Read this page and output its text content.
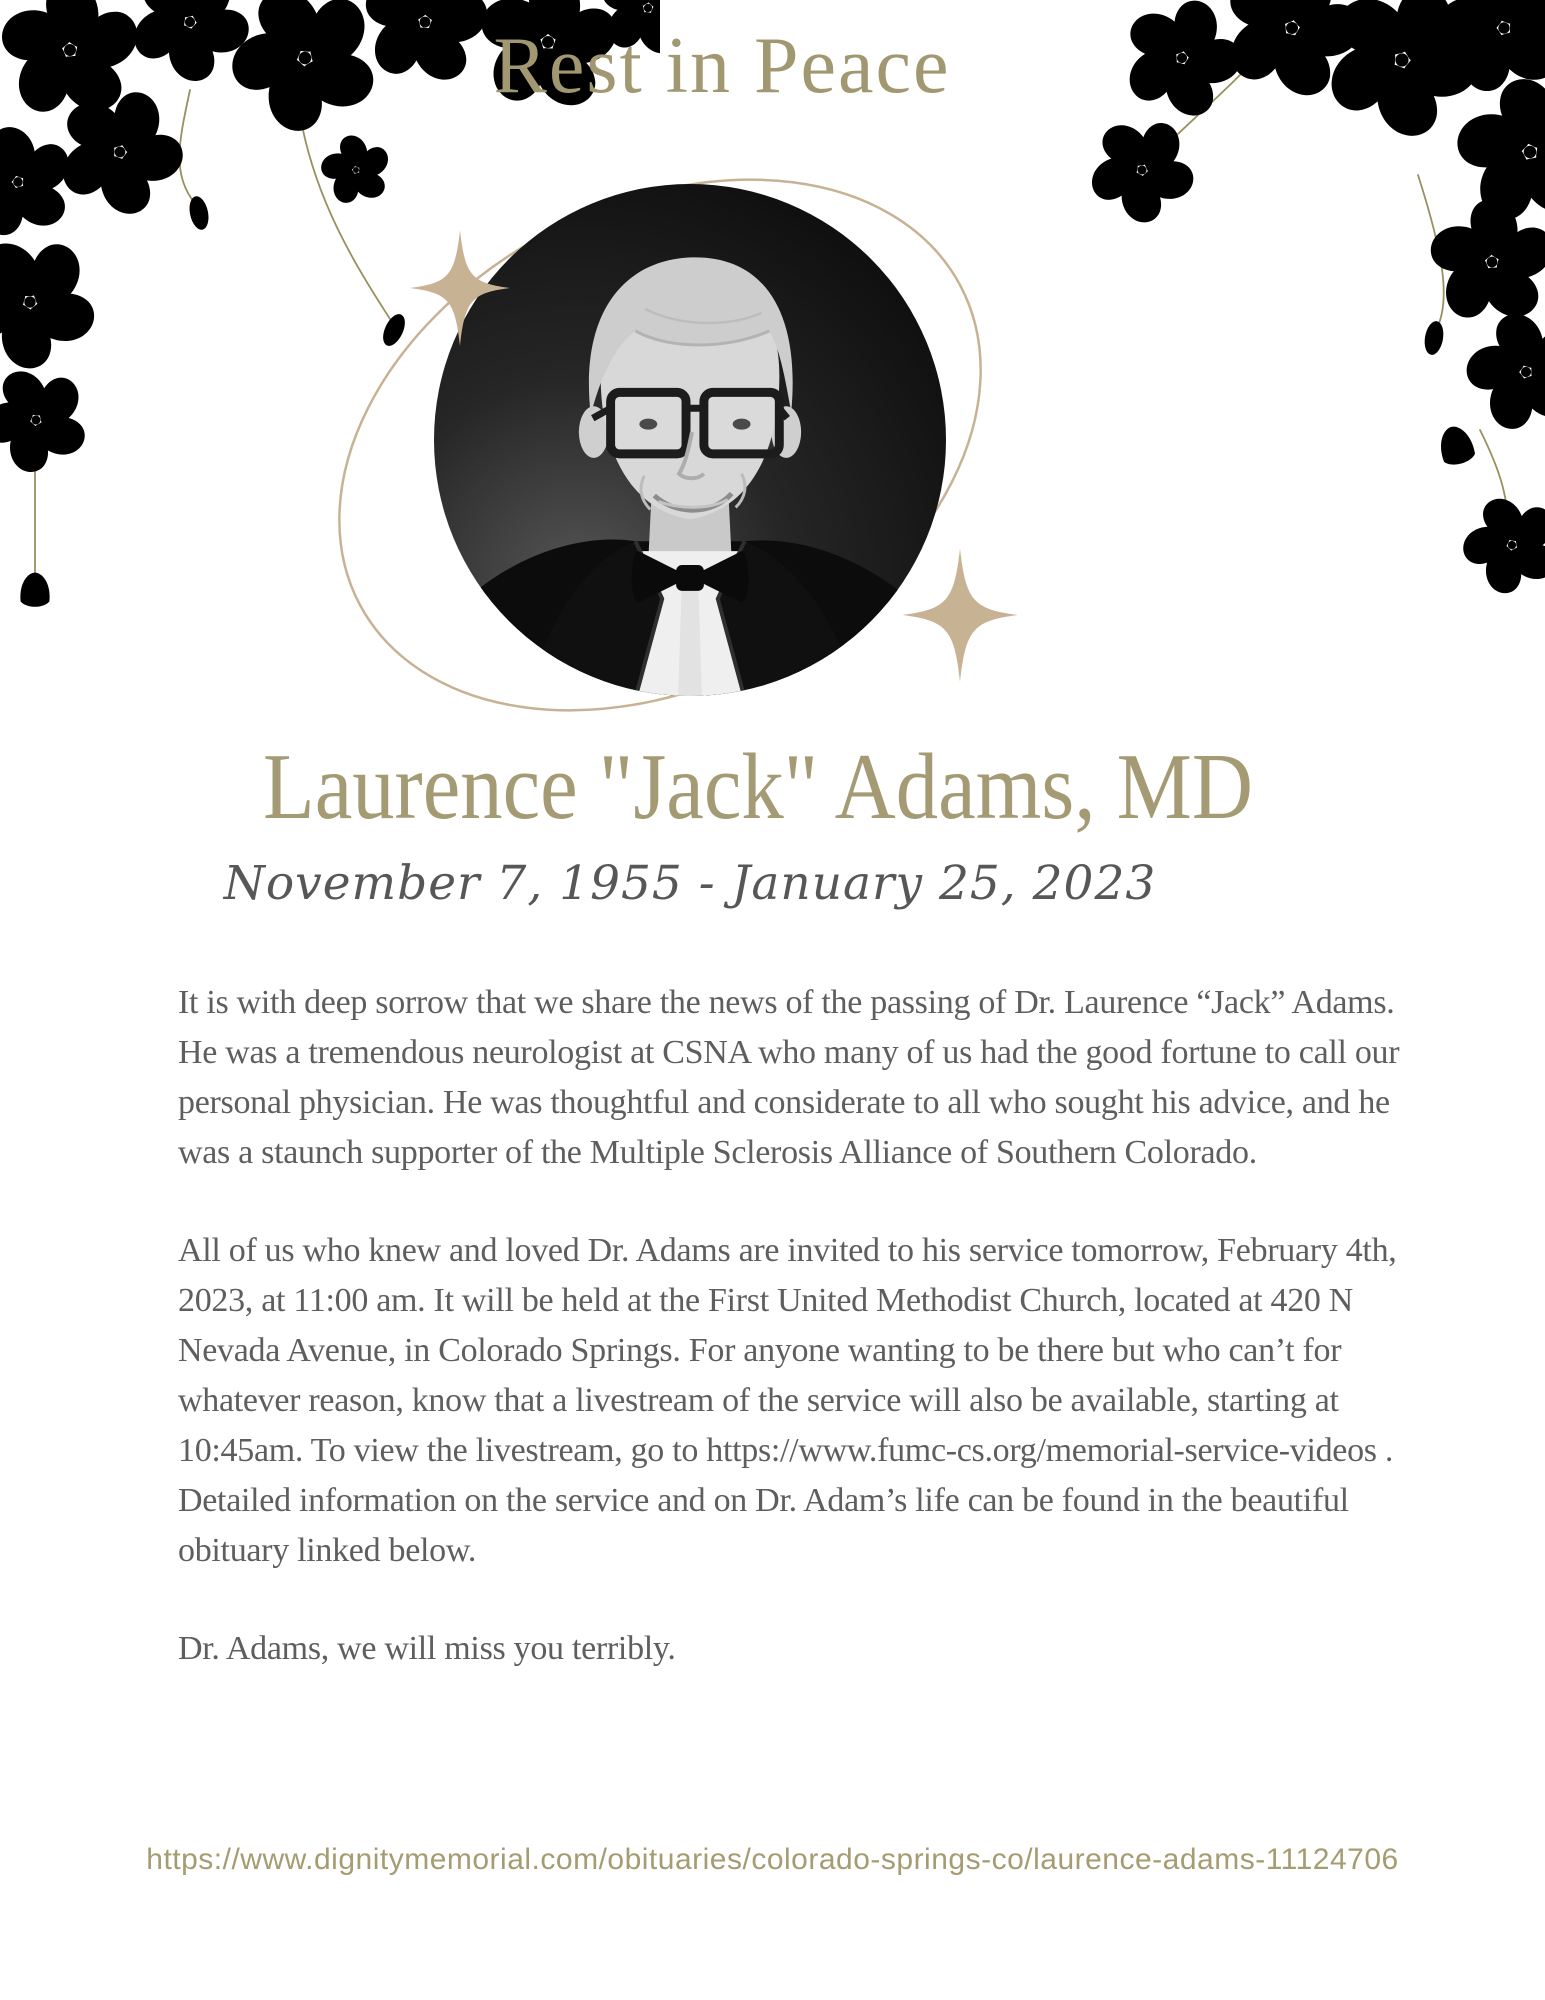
Rest in Peace
Laurence "Jack" Adams, MD
November 7, 1955 - January 25, 2023

It is with deep sorrow that we share the news of the passing of Dr. Laurence “Jack” Adams. He was a tremendous neurologist at CSNA who many of us had the good fortune to call our personal physician. He was thoughtful and considerate to all who sought his advice, and he was a staunch supporter of the Multiple Sclerosis Alliance of Southern Colorado.

All of us who knew and loved Dr. Adams are invited to his service tomorrow, February 4th, 2023, at 11:00 am. It will be held at the First United Methodist Church, located at 420 N Nevada Avenue, in Colorado Springs. For anyone wanting to be there but who can’t for whatever reason, know that a livestream of the service will also be available, starting at 10:45am. To view the livestream, go to https://www.fumc-cs.org/memorial-service-videos .
Detailed information on the service and on Dr. Adam’s life can be found in the beautiful obituary linked below.

Dr. Adams, we will miss you terribly.

https://www.dignitymemorial.com/obituaries/colorado-springs-co/laurence-adams-11124706
